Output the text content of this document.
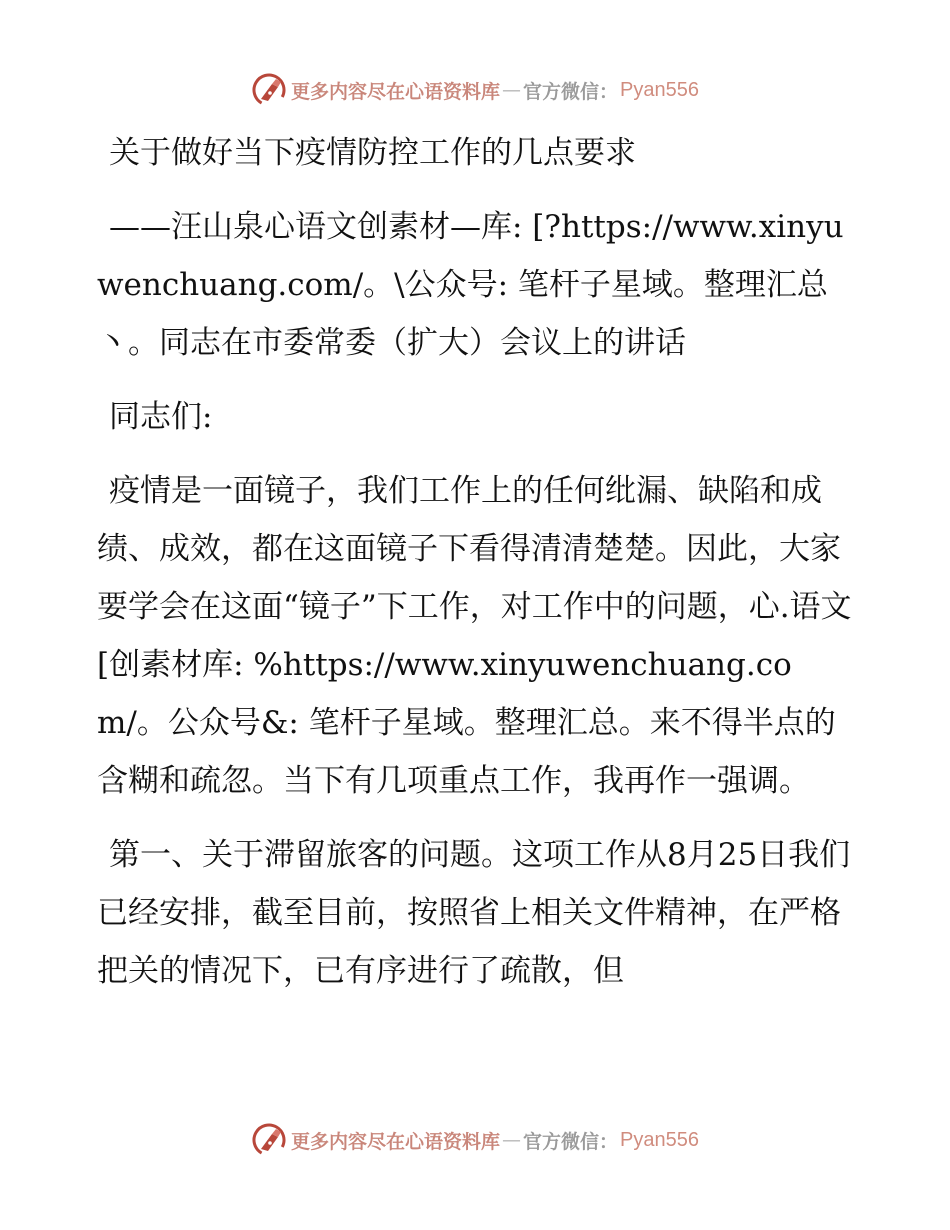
更多内容尽在心语资料库 — 官方微信： Pyan556

关于做好当下疫情防控工作的几点要求

——汪山泉心语文创素材—库: [?https://www.xinyuwenchuang.com/。\公众号: 笔杆子星域。整理汇总丶。同志在市委常委（扩大）会议上的讲话

同志们:

疫情是一面镜子，我们工作上的任何纰漏、缺陷和成绩、成效，都在这面镜子下看得清清楚楚。因此，大家要学会在这面“镜子”下工作，对工作中的问题，心.语文[创素材库: %https://www.xinyuwenchuang.com/。公众号&: 笔杆子星域。整理汇总。来不得半点的含糊和疏忽。当下有几项重点工作，我再作一强调。

第一、关于滞留旅客的问题。这项工作从8月25日我们已经安排，截至目前，按照省上相关文件精神，在严格把关的情况下，已有序进行了疏散，但

更多内容尽在心语资料库 — 官方微信： Pyan556
